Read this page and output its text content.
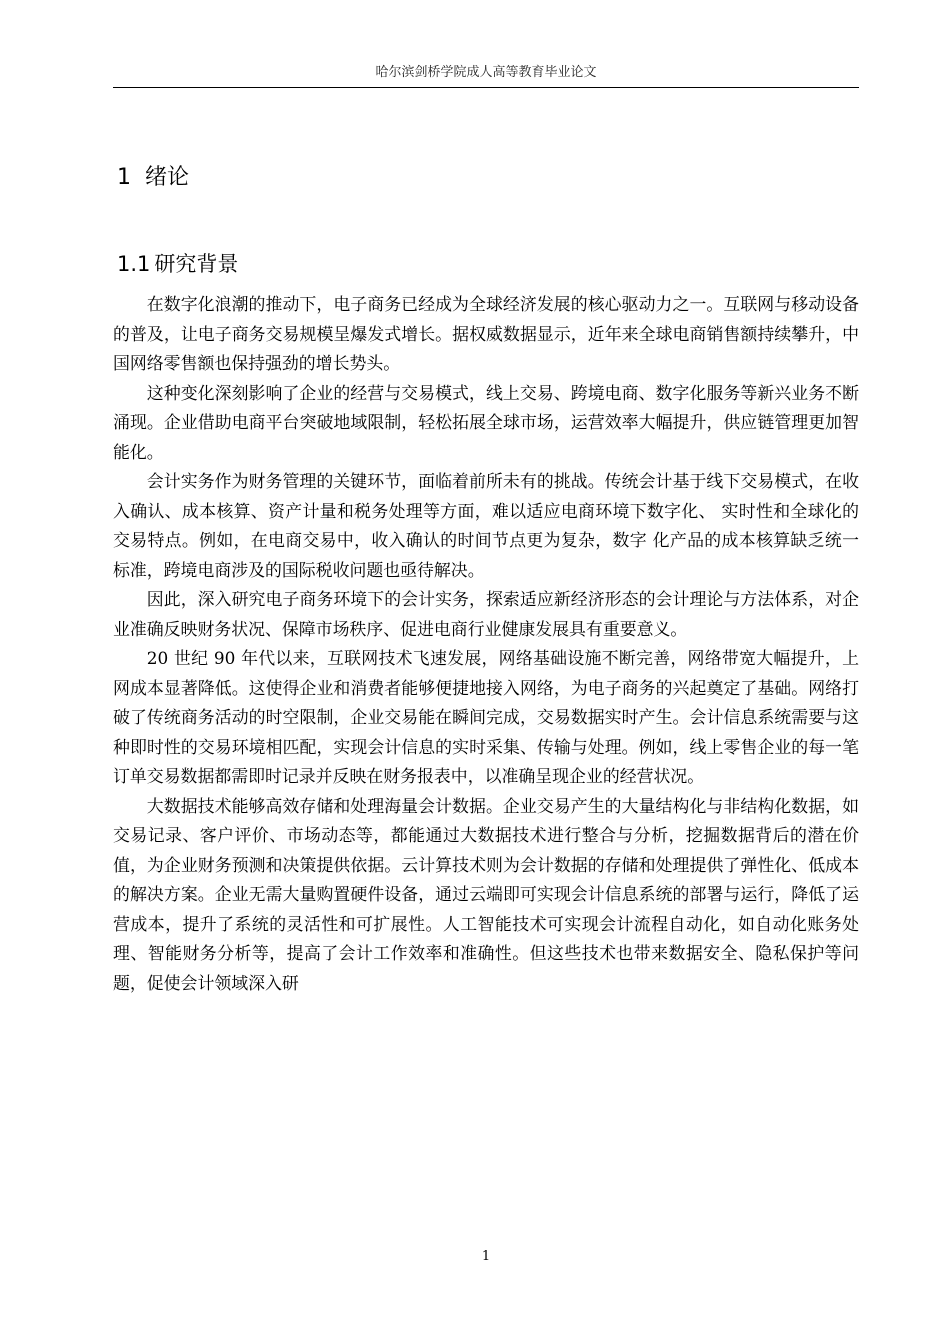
哈尔滨剑桥学院成人高等教育毕业论文
1 绪论
1.1 研究背景

在数字化浪潮的推动下，电子商务已经成为全球经济发展的核心驱动力之一。互联网与移动设备的普及，让电子商务交易规模呈爆发式增长。据权威数据显示，近年来全球电商销售额持续攀升，中国网络零售额也保持强劲的增长势头。

这种变化深刻影响了企业的经营与交易模式，线上交易、跨境电商、数字化服务等新兴业务不断涌现。企业借助电商平台突破地域限制，轻松拓展全球市场，运营效率大幅提升，供应链管理更加智能化。

会计实务作为财务管理的关键环节，面临着前所未有的挑战。传统会计基于线下交易模式，在收入确认、成本核算、资产计量和税务处理等方面，难以适应电商环境下数字化、 实时性和全球化的交易特点。例如，在电商交易中，收入确认的时间节点更为复杂，数字 化产品的成本核算缺乏统一标准，跨境电商涉及的国际税收问题也亟待解决。

因此，深入研究电子商务环境下的会计实务，探索适应新经济形态的会计理论与方法体系，对企业准确反映财务状况、保障市场秩序、促进电商行业健康发展具有重要意义。

20 世纪 90 年代以来，互联网技术飞速发展，网络基础设施不断完善，网络带宽大幅提升，上网成本显著降低。这使得企业和消费者能够便捷地接入网络，为电子商务的兴起奠定了基础。网络打破了传统商务活动的时空限制，企业交易能在瞬间完成，交易数据实时产生。会计信息系统需要与这种即时性的交易环境相匹配，实现会计信息的实时采集、传输与处理。例如，线上零售企业的每一笔订单交易数据都需即时记录并反映在财务报表中，以准确呈现企业的经营状况。

大数据技术能够高效存储和处理海量会计数据。企业交易产生的大量结构化与非结构化数据，如交易记录、客户评价、市场动态等，都能通过大数据技术进行整合与分析，挖掘数据背后的潜在价值，为企业财务预测和决策提供依据。云计算技术则为会计数据的存储和处理提供了弹性化、低成本的解决方案。企业无需大量购置硬件设备，通过云端即可实现会计信息系统的部署与运行，降低了运营成本，提升了系统的灵活性和可扩展性。人工智能技术可实现会计流程自动化，如自动化账务处理、智能财务分析等，提高了会计工作效率和准确性。但这些技术也带来数据安全、隐私保护等问题，促使会计领域深入研

1
